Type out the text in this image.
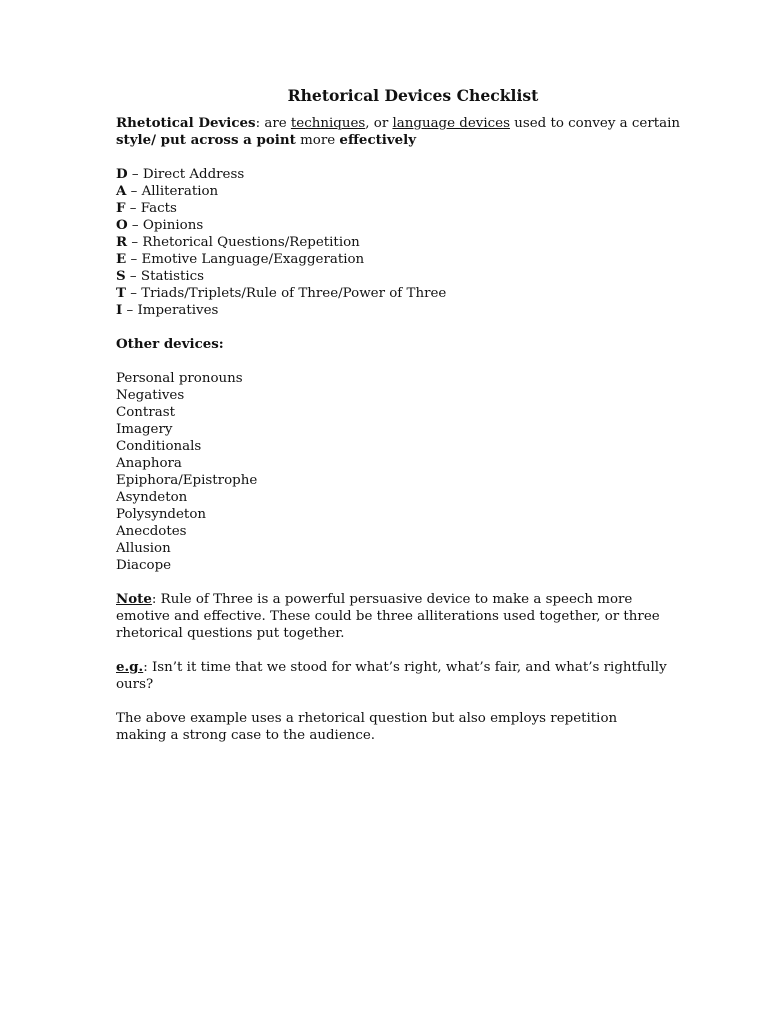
Rhetorical Devices Checklist

Rhetotical Devices: are techniques, or language devices used to convey a certain
style/ put across a point more effectively

D – Direct Address
A – Alliteration
F – Facts
O – Opinions
R – Rhetorical Questions/Repetition
E – Emotive Language/Exaggeration
S – Statistics
T – Triads/Triplets/Rule of Three/Power of Three
I – Imperatives

Other devices:

Personal pronouns
Negatives
Contrast
Imagery
Conditionals
Anaphora
Epiphora/Epistrophe
Asyndeton
Polysyndeton
Anecdotes
Allusion
Diacope

Note: Rule of Three is a powerful persuasive device to make a speech more
emotive and effective. These could be three alliterations used together, or three
rhetorical questions put together.

e.g.: Isn’t it time that we stood for what’s right, what’s fair, and what’s rightfully
ours?

The above example uses a rhetorical question but also employs repetition
making a strong case to the audience.
